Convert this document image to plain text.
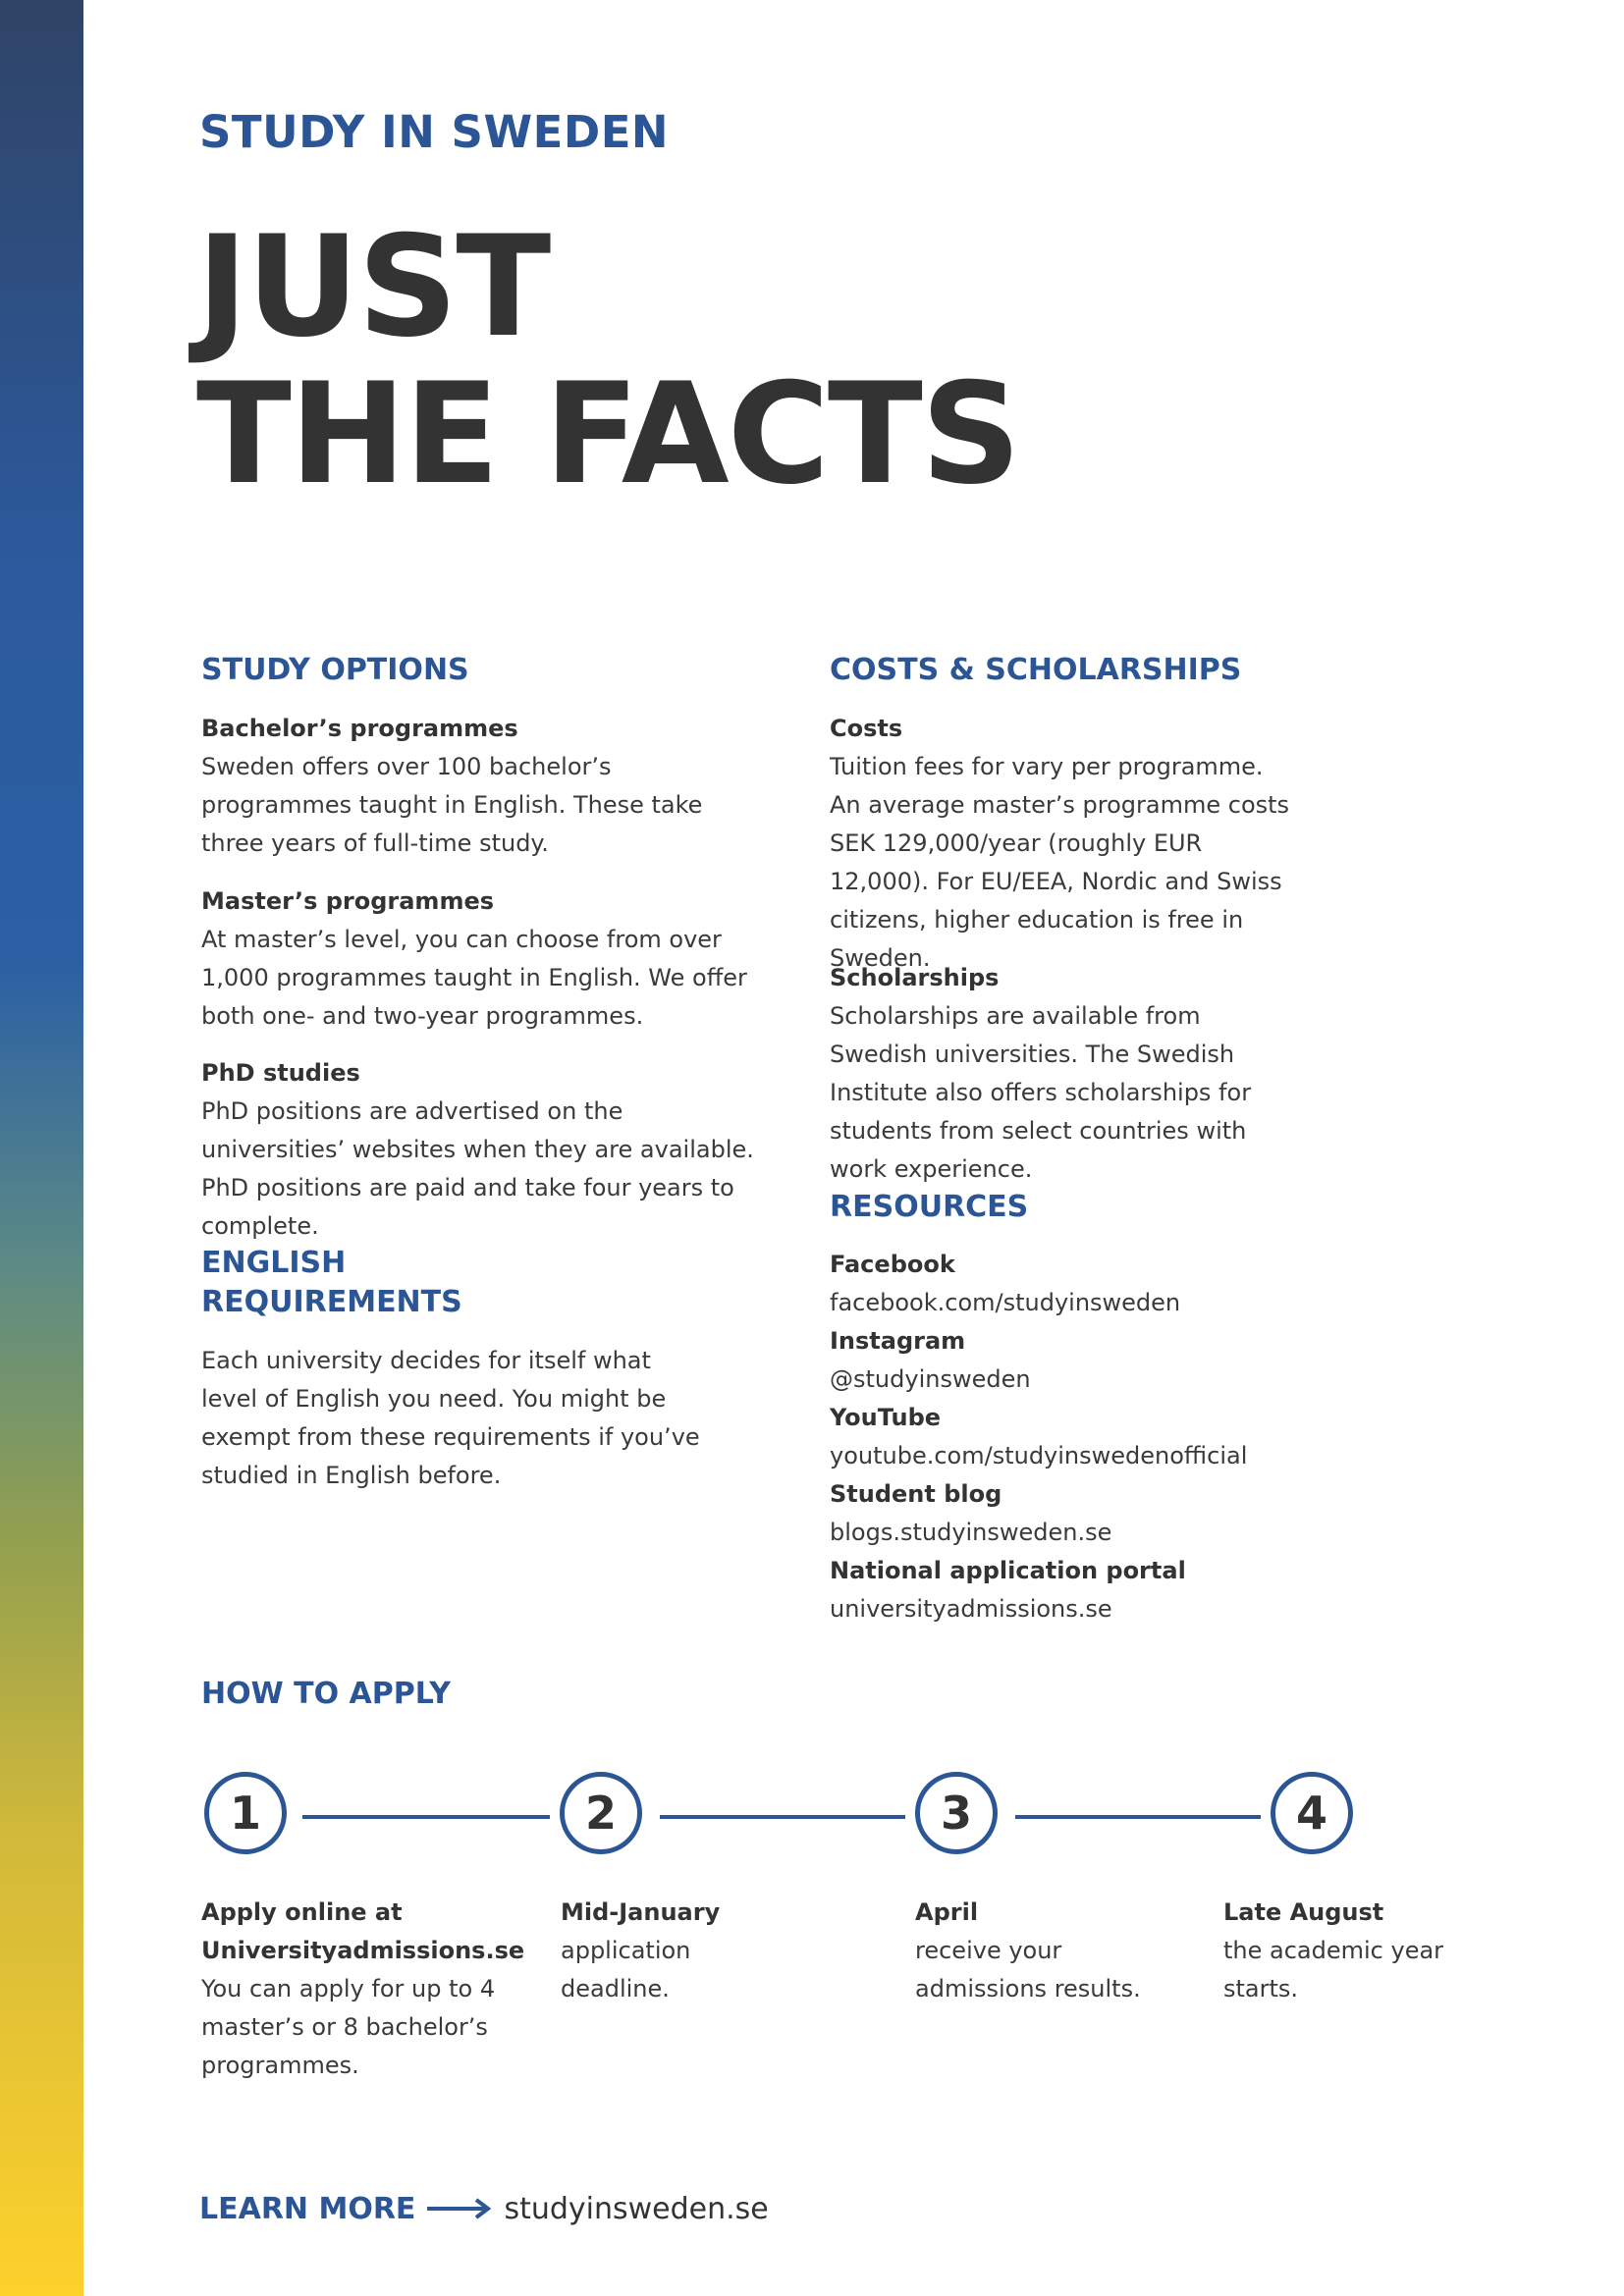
STUDY IN SWEDEN
JUST
THE FACTS
STUDY OPTIONS
Bachelor’s programmes
Sweden offers over 100 bachelor’s programmes taught in English. These take three years of full-time study.
Master’s programmes
At master’s level, you can choose from over 1,000 programmes taught in English. We offer both one- and two-year programmes.
PhD studies
PhD positions are advertised on the universities’ websites when they are available. PhD positions are paid and take four years to complete.
ENGLISH
REQUIREMENTS
Each university decides for itself what level of English you need. You might be exempt from these requirements if you’ve studied in English before.
COSTS & SCHOLARSHIPS
Costs
Tuition fees for vary per programme. An average master’s programme costs SEK 129,000/year (roughly EUR 12,000). For EU/EEA, Nordic and Swiss citizens, higher education is free in Sweden.
Scholarships
Scholarships are available from Swedish universities. The Swedish Institute also offers scholarships for students from select countries with work experience.
RESOURCES
Facebook
facebook.com/studyinsweden
Instagram
@studyinsweden
YouTube
youtube.com/studyinswedenofficial
Student blog
blogs.studyinsweden.se
National application portal
universityadmissions.se
HOW TO APPLY
1	2	3	4
Apply online at
Universityadmissions.se
You can apply for up to 4 master’s or 8 bachelor’s programmes.
Mid-January
application deadline.
April
receive your admissions results.
Late August
the academic year starts.
LEARN MORE	studyinsweden.se
